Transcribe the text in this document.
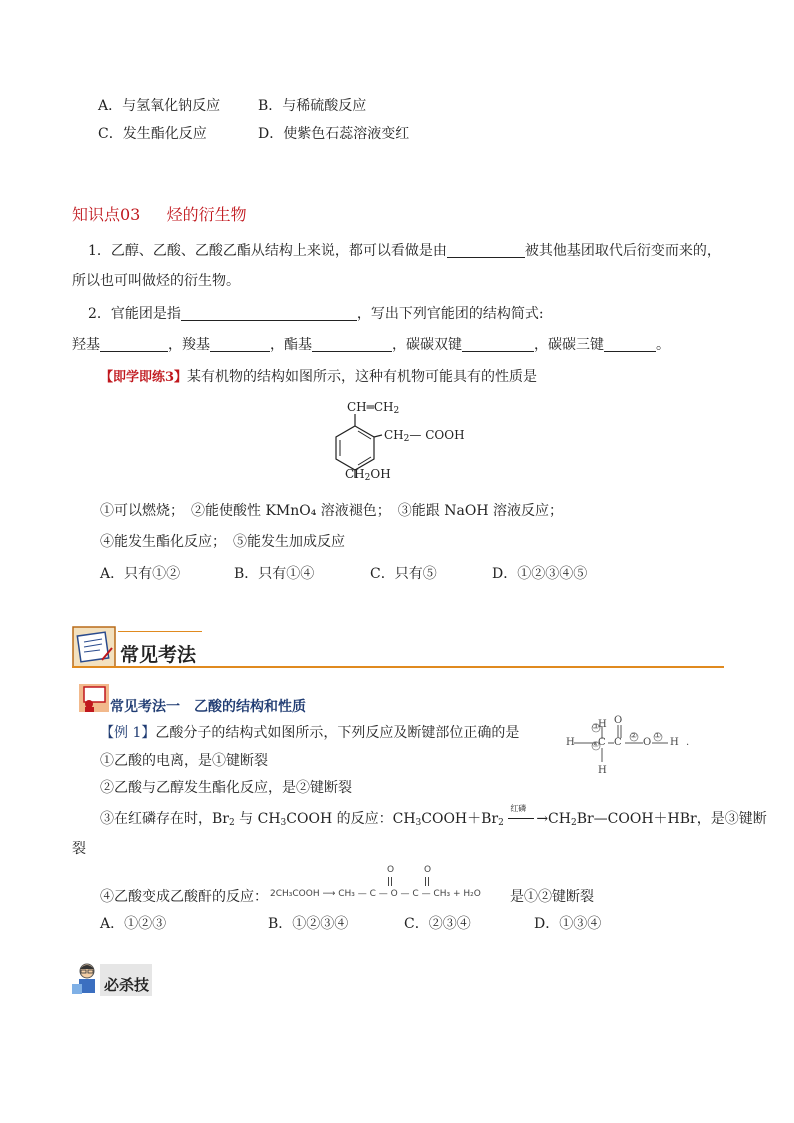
A．与氢氧化钠反应	B．与稀硫酸反应
C．发生酯化反应	D．使紫色石蕊溶液变红
知识点03 烃的衍生物
1．乙醇、乙酸、乙酸乙酯从结构上来说，都可以看做是由	被其他基团取代后衍变而来的，
所以也可叫做烃的衍生物。
2．官能团是指	，写出下列官能团的结构简式:
羟基	，羧基	，酯基	，碳碳双键	，碳碳三键	。
【即学即练3】某有机物的结构如图所示，这种有机物可能具有的性质是
$CH═CH_2$
$CH_2—$ COOH
$CH_2OH$
①可以燃烧；　②能使酸性 KMnO₄ 溶液褪色；　③能跟 NaOH 溶液反应；
④能发生酯化反应；　⑤能发生加成反应
A．只有①②	B．只有①④	C．只有⑤	D．①②③④⑤
常见考法
常见考法一　乙酸的结构和性质
【例 1】乙酸分子的结构式如图所示，下列反应及断键部位正确的是
①乙酸的电离，是①键断裂
②乙酸与乙醇发生酯化反应，是②键断裂
H C
H
H
C
O
O H .
①
②
③
④
③在红磷存在时，$Br_2$ 与 $CH_3COOH$ 的反应：$CH_3COOH+Br_2$
红磷
$\to CH_2Br—COOH+HBr$，是③键断
裂
④乙酸变成乙酸酐的反应： 2CH₃COOH ⟶ CH₃ — C — O — C — CH₃ + H₂O
O	O
是①②键断裂
A．①②③	B．①②③④	C．②③④	D．①③④
必杀技
